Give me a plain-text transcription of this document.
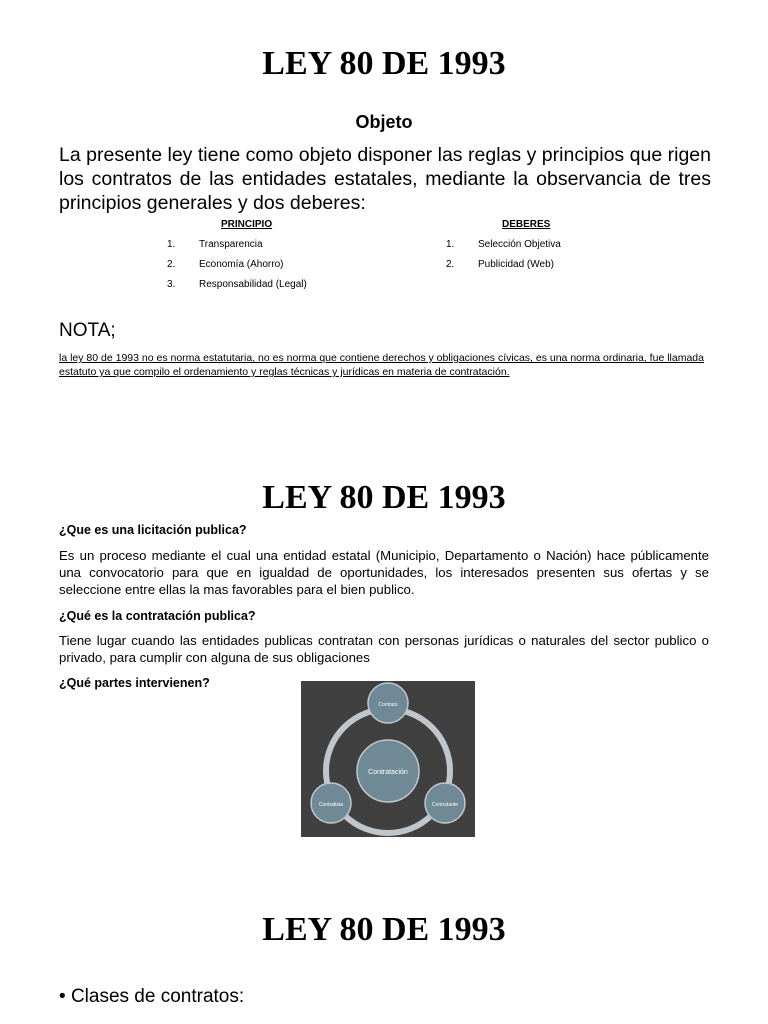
LEY 80 DE 1993
Objeto

La presente ley tiene como objeto disponer las reglas y principios que rigen los contratos de las entidades estatales, mediante la observancia de tres principios generales y dos deberes:

PRINCIPIO
1. Transparencia
2. Economía (Ahorro)
3. Responsabilidad (Legal)
DEBERES
1. Selección Objetiva
2. Publicidad (Web)
NOTA;
la ley 80 de 1993 no es norma estatutaria, no es norma que contiene derechos y obligaciones cívicas, es una norma ordinaria, fue llamada estatuto ya que compilo el ordenamiento y reglas técnicas y jurídicas en materia de contratación.
LEY 80 DE 1993
¿Que es una licitación publica?
Es un proceso mediante el cual una entidad estatal (Municipio, Departamento o Nación) hace públicamente una convocatorio para que en igualdad de oportunidades, los interesados presenten sus ofertas y se seleccione entre ellas la mas favorables para el bien publico.
¿Qué es la contratación publica?
Tiene lugar cuando las entidades publicas contratan con personas jurídicas o naturales del sector publico o privado, para cumplir con alguna de sus obligaciones
¿Qué partes intervienen?
Contratación
Contrato
Contratista	Contratante
LEY 80 DE 1993
• Clases de contratos:
